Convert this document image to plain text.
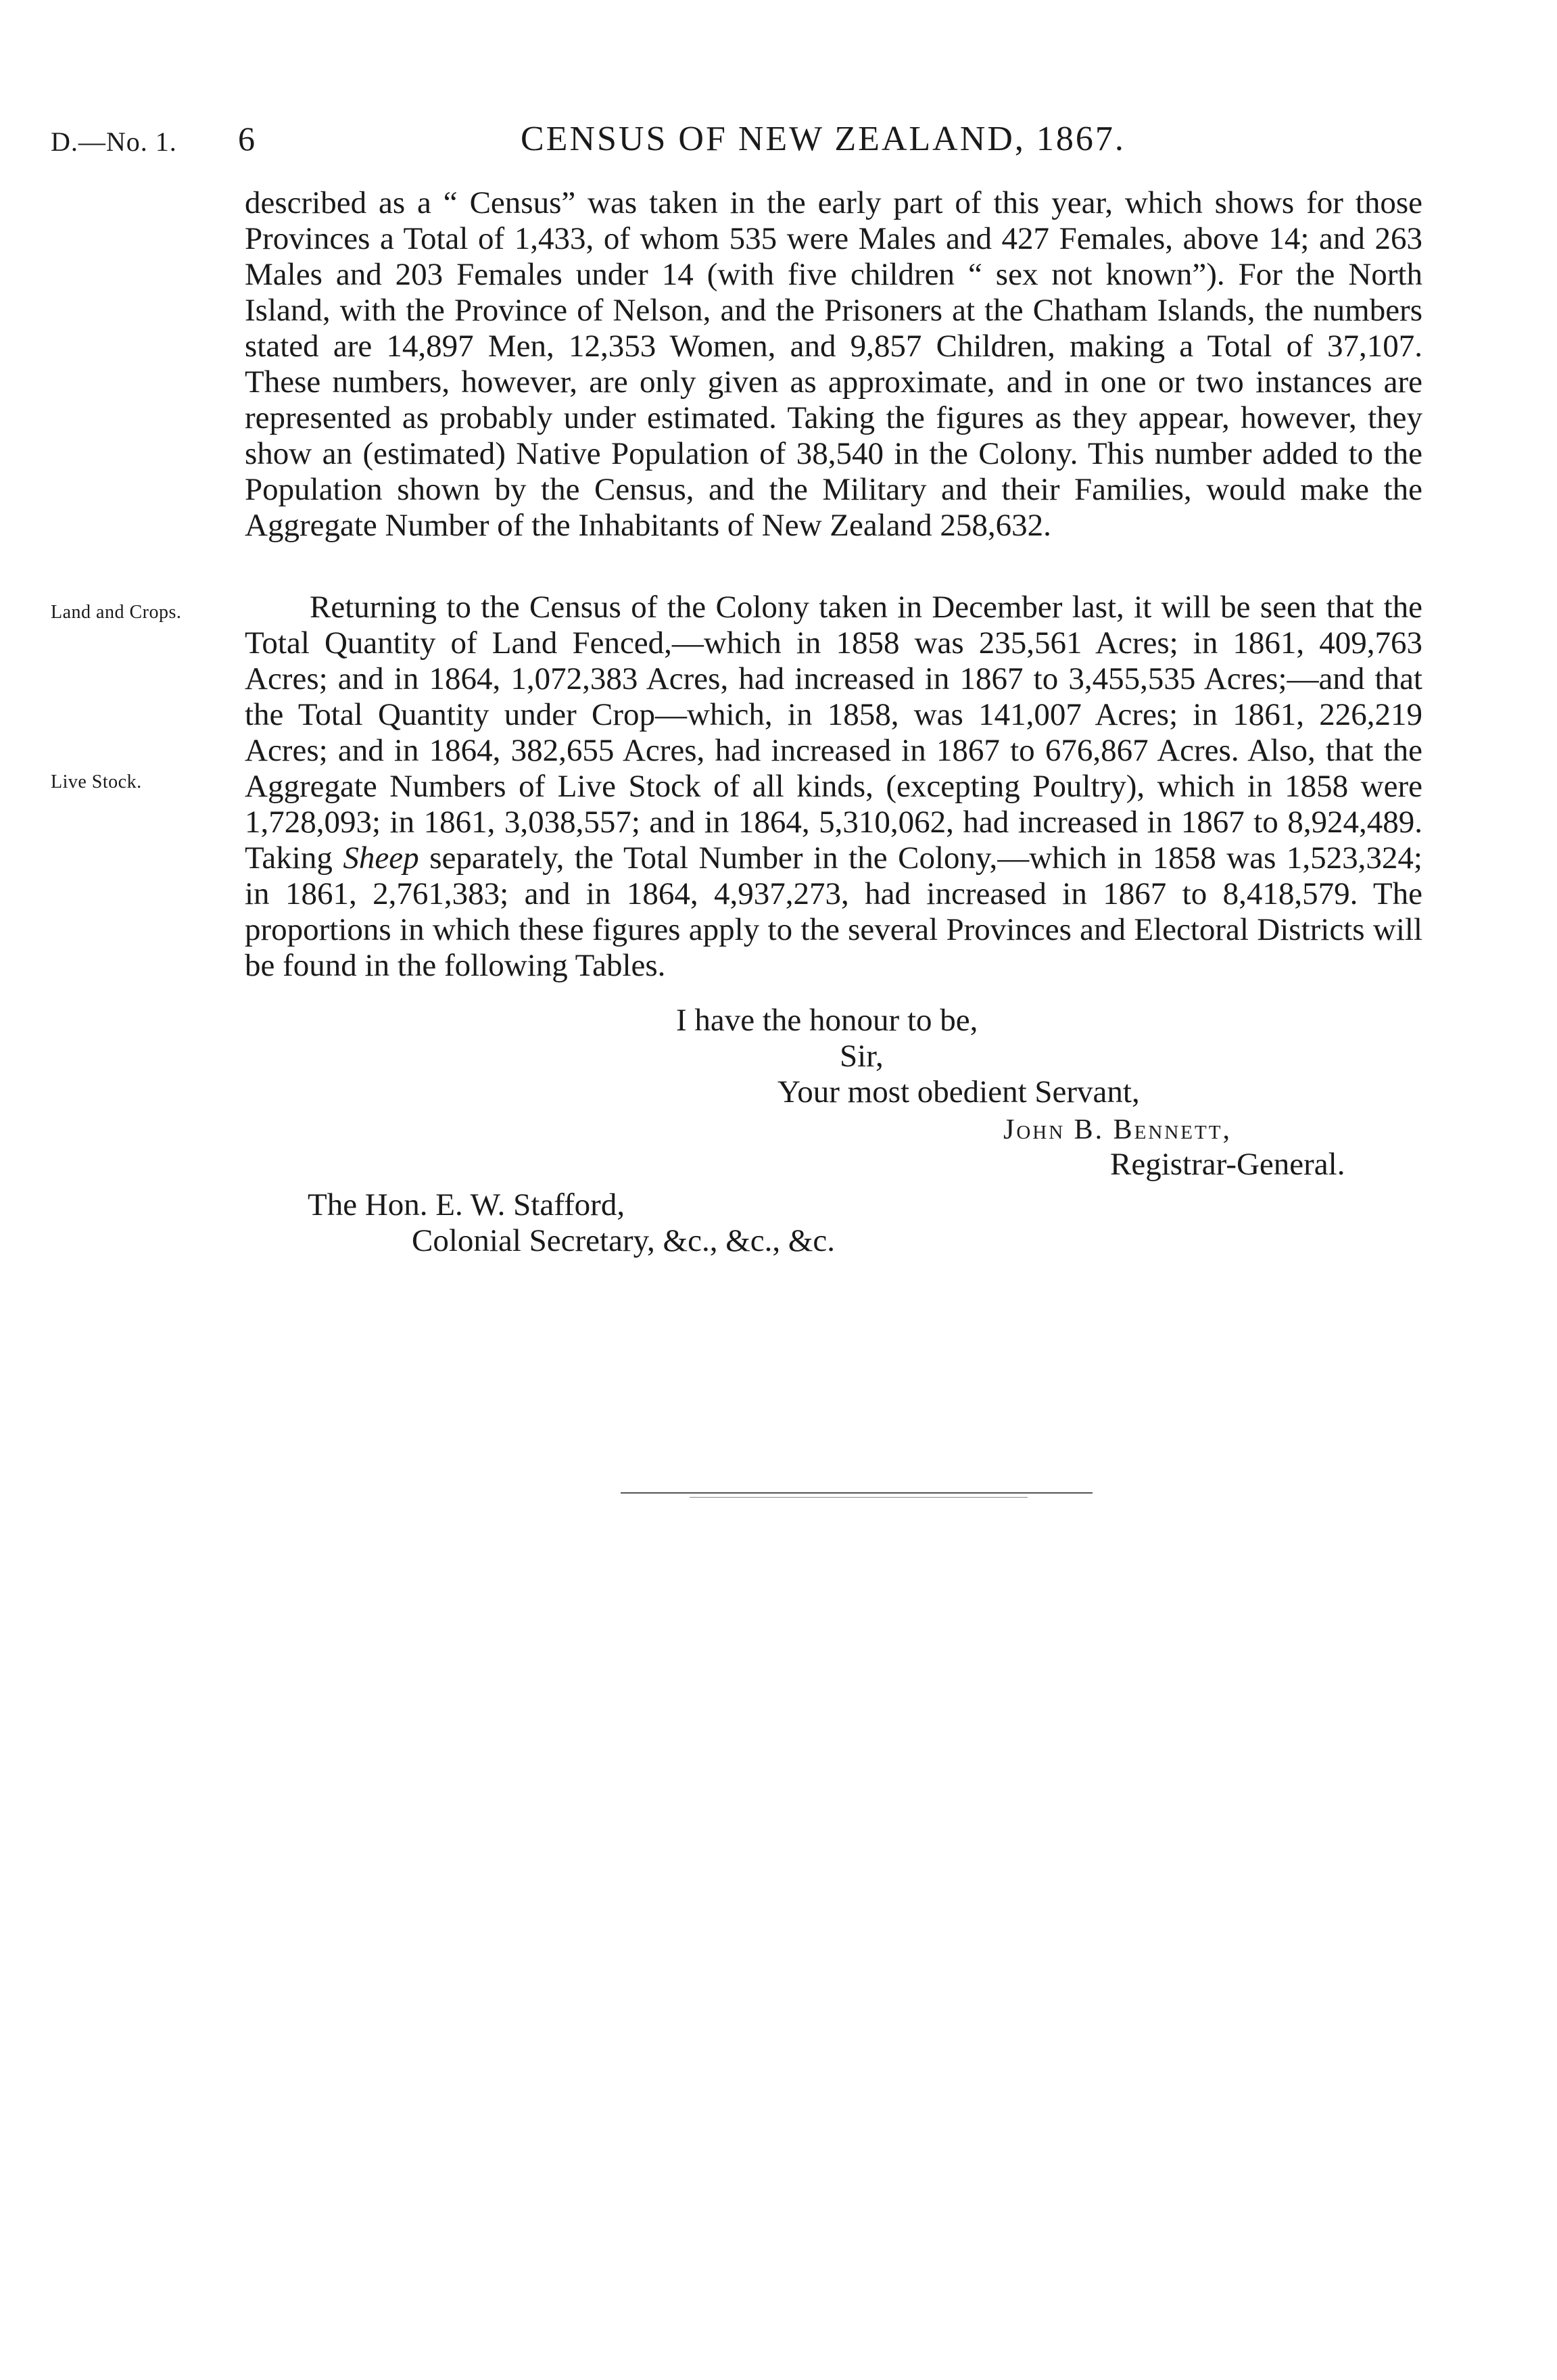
D.—No. 1. 6	CENSUS OF NEW ZEALAND, 1867.

described as a “ Census” was taken in the early part of this year, which shows for those Provinces a Total of 1,433, of whom 535 were Males and 427 Females, above 14; and 263 Males and 203 Females under 14 (with five children “ sex not known”). For the North Island, with the Province of Nelson, and the Prisoners at the Chatham Islands, the numbers stated are 14,897 Men, 12,353 Women, and 9,857 Children, making a Total of 37,107. These numbers, however, are only given as approximate, and in one or two instances are represented as probably under estimated. Taking the figures as they appear, however, they show an (estimated) Native Population of 38,540 in the Colony. This number added to the Population shown by the Census, and the Military and their Families, would make the Aggregate Number of the Inhabitants of New Zealand 258,632.

Land and Crops.
Live Stock.

Returning to the Census of the Colony taken in December last, it will be seen that the Total Quantity of Land Fenced,—which in 1858 was 235,561 Acres; in 1861, 409,763 Acres; and in 1864, 1,072,383 Acres, had increased in 1867 to 3,455,535 Acres;—and that the Total Quantity under Crop—which, in 1858, was 141,007 Acres; in 1861, 226,219 Acres; and in 1864, 382,655 Acres, had increased in 1867 to 676,867 Acres. Also, that the Aggregate Numbers of Live Stock of all kinds, (excepting Poultry), which in 1858 were 1,728,093; in 1861, 3,038,557; and in 1864, 5,310,062, had increased in 1867 to 8,924,489. Taking Sheep separately, the Total Number in the Colony,—which in 1858 was 1,523,324; in 1861, 2,761,383; and in 1864, 4,937,273, had increased in 1867 to 8,418,579. The proportions in which these figures apply to the several Provinces and Electoral Districts will be found in the following Tables.

I have the honour to be,
Sir,
Your most obedient Servant,
John B. Bennett,
Registrar-General.
The Hon. E. W. Stafford,
Colonial Secretary, &c., &c., &c.
